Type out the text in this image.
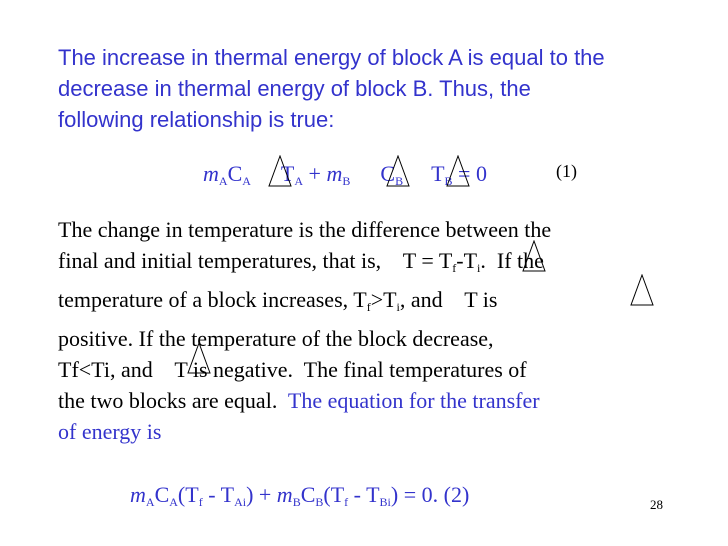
The increase in thermal energy of block A is equal to the
decrease in thermal energy of block B. Thus, the
following relationship is true:
$m_AC_A$ $T_A + m_B$ $C_B$ $T_B = 0$	(1)
The change in temperature is the difference between the
final and initial temperatures, that is,    $T = T_f-T_i$.  If the
temperature of a block increases, $T_f>T_i$, and    T is
positive. If the temperature of the block decrease,
Tf<Ti, and    T is negative.  The final temperatures of
the two blocks are equal.  The equation for the transfer
of energy is
$m_AC_A(T_f - T_{Ai}) + m_BC_B(T_f - T_{Bi}) = 0$. (2)	28
